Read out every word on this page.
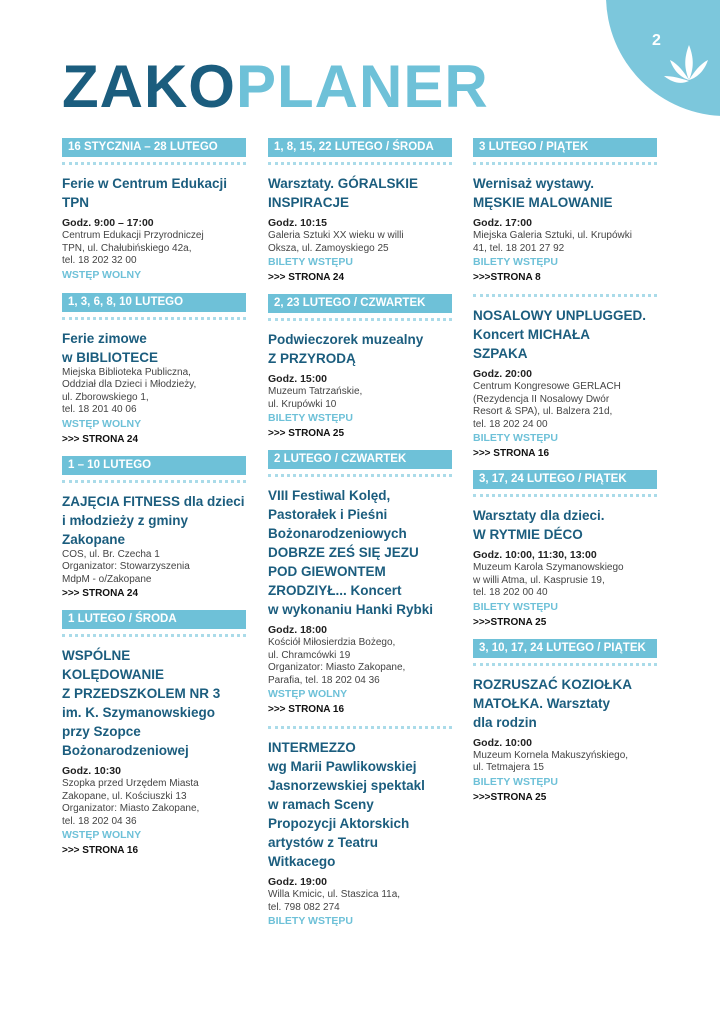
2
ZAKOPLANER
16 STYCZNIA – 28 LUTEGO
Ferie w Centrum Edukacji TPN
Godz. 9:00 – 17:00
Centrum Edukacji Przyrodniczej
TPN, ul. Chałubińskiego 42a,
tel. 18 202 32 00
WSTĘP WOLNY
1, 3, 6, 8, 10 LUTEGO
Ferie zimowe
w BIBLIOTECE
Miejska Biblioteka Publiczna,
Oddział dla Dzieci i Młodzieży,
ul. Zborowskiego 1,
tel. 18 201 40 06
WSTĘP WOLNY
>>> STRONA 24
1 – 10 LUTEGO
ZAJĘCIA FITNESS dla dzieci i młodzieży z gminy Zakopane
COS, ul. Br. Czecha 1
Organizator: Stowarzyszenia
MdpM - o/Zakopane
>>> STRONA 24
1 LUTEGO / ŚRODA
WSPÓLNE
KOLĘDOWANIE
Z PRZEDSZKOLEM NR 3
im. K. Szymanowskiego
przy Szopce
Bożonarodzeniowej
Godz. 10:30
Szopka przed Urzędem Miasta
Zakopane, ul. Kościuszki 13
Organizator: Miasto Zakopane,
tel. 18 202 04 36
WSTĘP WOLNY
>>> STRONA 16
1, 8, 15, 22 LUTEGO / ŚRODA
Warsztaty. GÓRALSKIE INSPIRACJE
Godz. 10:15
Galeria Sztuki XX wieku w willi
Oksza, ul. Zamoyskiego 25
BILETY WSTĘPU
>>> STRONA 24
2, 23 LUTEGO / CZWARTEK
Podwieczorek muzealny
Z PRZYRODĄ
Godz. 15:00
Muzeum Tatrzańskie,
ul. Krupówki 10
BILETY WSTĘPU
>>> STRONA 25
2 LUTEGO / CZWARTEK
VIII Festiwal Kolęd,
Pastorałek i Pieśni
Bożonarodzeniowych
DOBRZE ZEŚ SIĘ JEZU
POD GIEWONTEM
ZRODZIYŁ... Koncert
w wykonaniu Hanki Rybki
Godz. 18:00
Kościół Miłosierdzia Bożego,
ul. Chramcówki 19
Organizator: Miasto Zakopane,
Parafia, tel. 18 202 04 36
WSTĘP WOLNY
>>> STRONA 16
INTERMEZZO
wg Marii Pawlikowskiej
Jasnorzewskiej spektakl
w ramach Sceny
Propozycji Aktorskich
artystów z Teatru
Witkacego
Godz. 19:00
Willa Kmicic, ul. Staszica 11a,
tel. 798 082 274
BILETY WSTĘPU
3 LUTEGO / PIĄTEK
Wernisaż wystawy.
MĘSKIE MALOWANIE
Godz. 17:00
Miejska Galeria Sztuki, ul. Krupówki
41, tel. 18 201 27 92
BILETY WSTĘPU
>>>STRONA 8
NOSALOWY UNPLUGGED.
Koncert MICHAŁA
SZPAKA
Godz. 20:00
Centrum Kongresowe GERLACH
(Rezydencja II Nosalowy Dwór
Resort & SPA), ul. Balzera 21d,
tel. 18 202 24 00
BILETY WSTĘPU
>>> STRONA 16
3, 17, 24 LUTEGO / PIĄTEK
Warsztaty dla dzieci.
W RYTMIE DÉCO
Godz. 10:00, 11:30, 13:00
Muzeum Karola Szymanowskiego
w willi Atma, ul. Kasprusie 19,
tel. 18 202 00 40
BILETY WSTĘPU
>>>STRONA 25
3, 10, 17, 24 LUTEGO / PIĄTEK
ROZRUSZAĆ KOZIOŁKA
MATOŁKA. Warsztaty
dla rodzin
Godz. 10:00
Muzeum Kornela Makuszyńskiego,
ul. Tetmajera 15
BILETY WSTĘPU
>>>STRONA 25
